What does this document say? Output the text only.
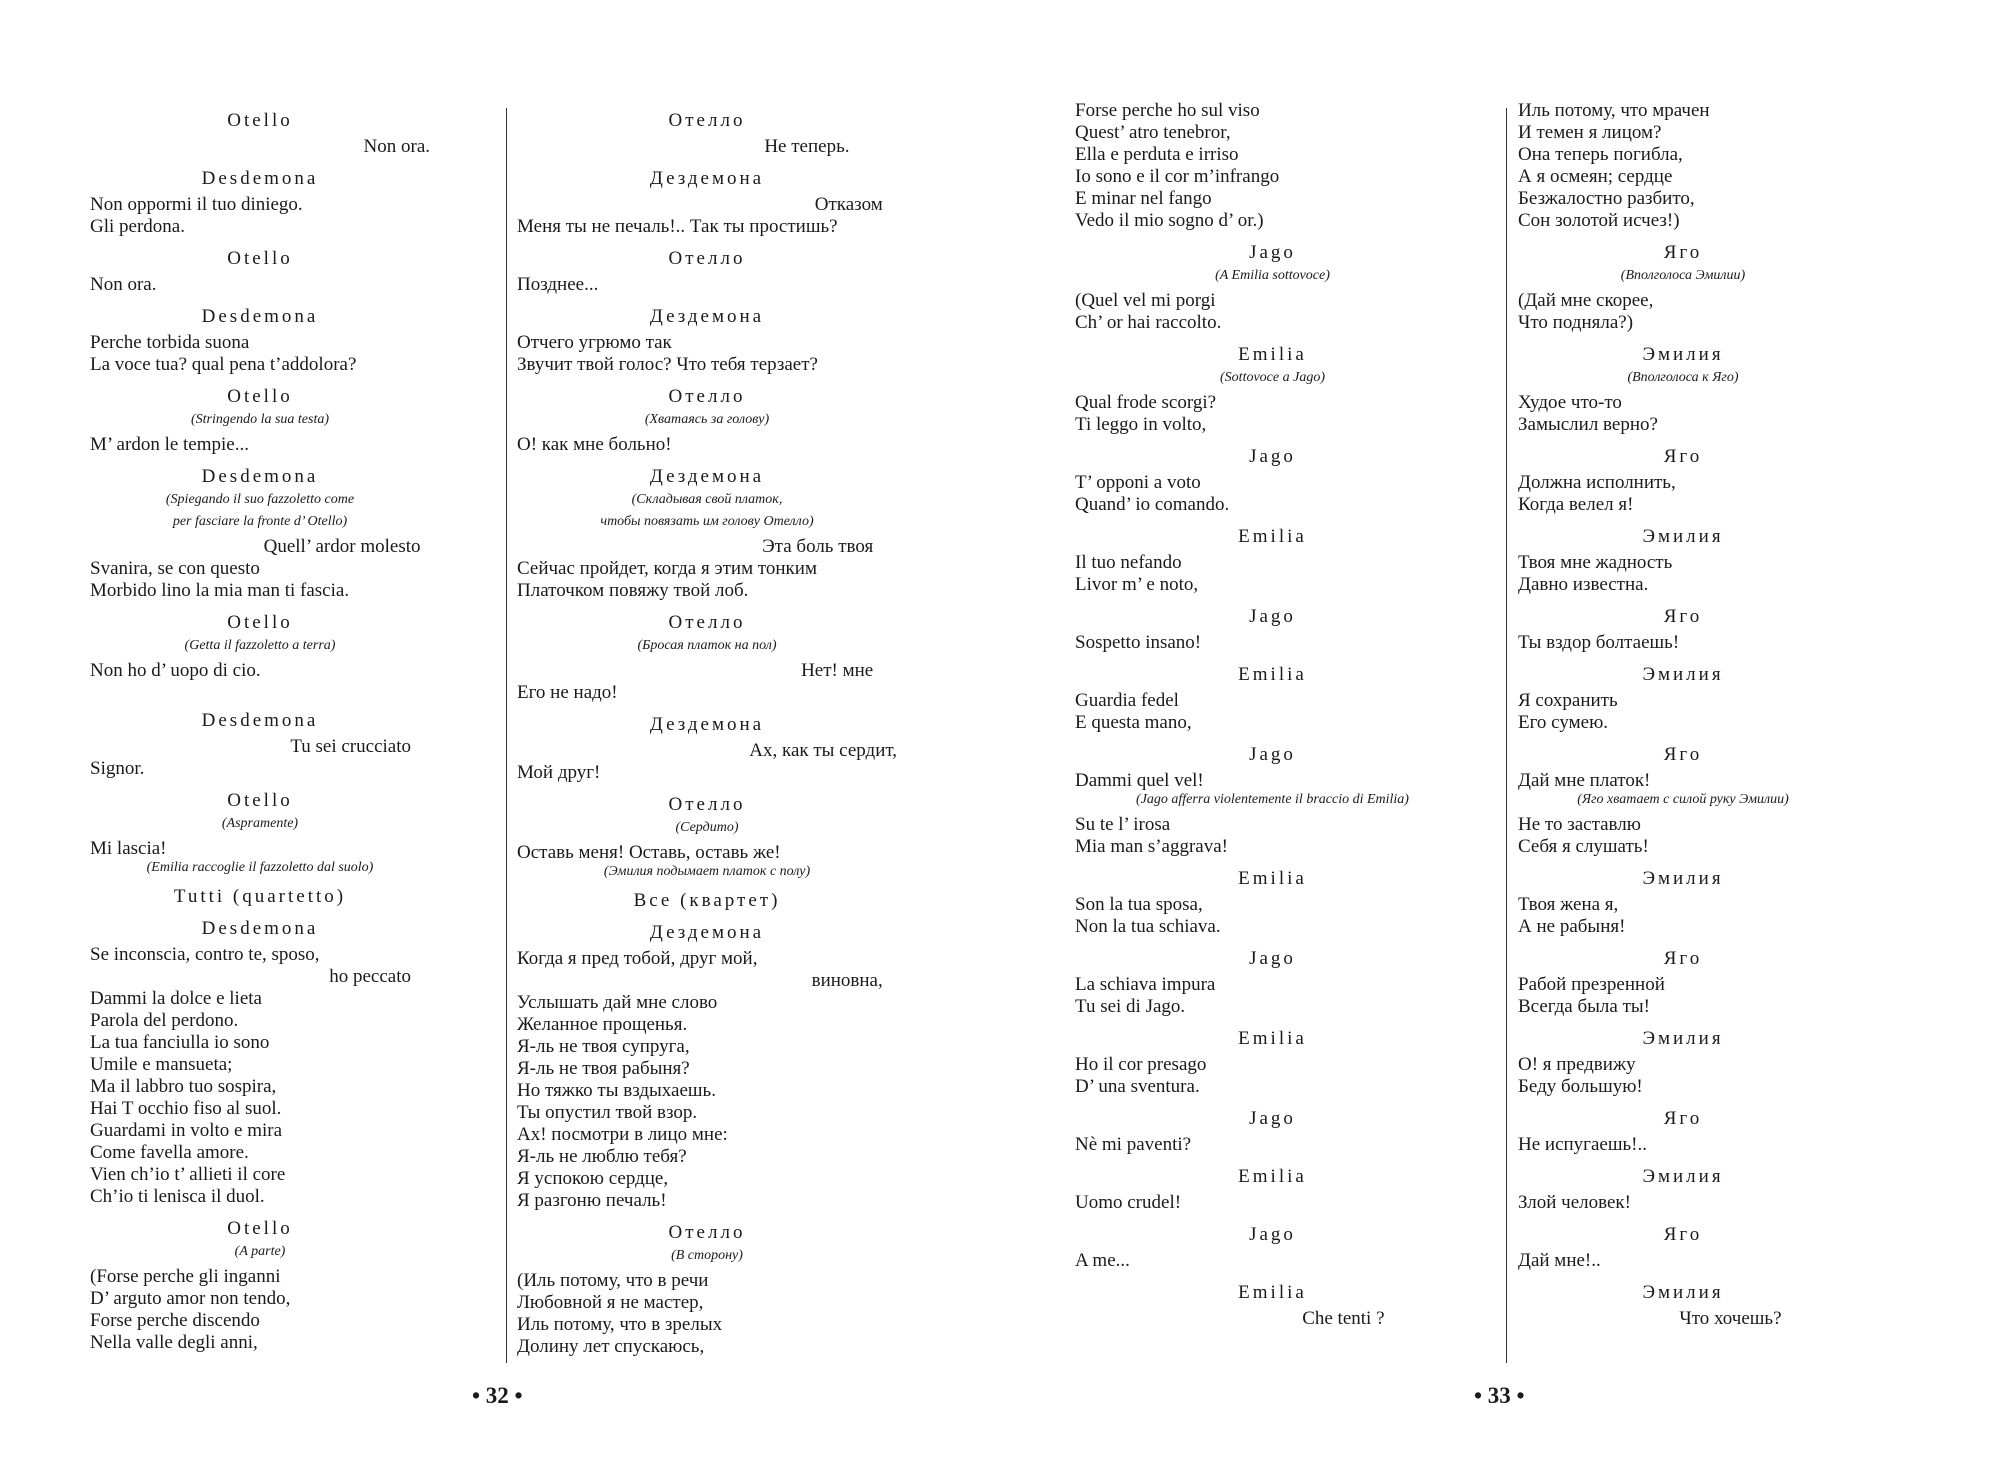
Otello
Non ora.
Desdemona
Non oppormi il tuo diniego.
Gli perdona.
Otello
Non ora.
Desdemona
Perche torbida suona
La voce tua? qual pena t’addolora?
Otello
(Stringendo la sua testa)
M’ ardon le tempie...
Desdemona
(Spiegando il suo fazzoletto come
per fasciare la fronte d’ Otello)
Quell’ ardor molesto
Svanira, se con questo
Morbido lino la mia man ti fascia.
Otello
(Getta il fazzoletto a terra)
Non ho d’ uopo di cio.
Desdemona
Tu sei crucciato
Signor.
Otello
(Aspramentе)
Mi lascia!
(Emilia raccoglie il fazzoletto dal suolo)
Tutti (quartetto)
Desdemona
Se inconscia, contro te, sposo,
ho peccato
Dammi la dolce e lieta
Parola del perdono.
La tua fanciulla io sono
Umile e mansueta;
Ma il labbro tuo sospira,
Hai T occhio fiso al suol.
Guardami in volto e mira
Come favella amore.
Vien ch’io t’ allieti il core
Ch’io ti lenisca il duol.
Otello
(A parte)
(Forse perche gli inganni
D’ arguto amor non tendo,
Forse perche discendo
Nella valle degli anni,
Отелло
Не теперь.
Дездемона
Отказом
Меня ты не печаль!.. Так ты простишь?
Отелло
Позднее...
Дездемона
Отчего угрюмо так
Звучит твой голос? Что тебя терзает?
Отелло
(Хватаясь за голову)
О! как мне больно!
Дездемона
(Складывая свой платок,
чтобы повязать им голову Отелло)
Эта боль твоя
Сейчас пройдет, когда я этим тонким
Платочком повяжу твой лоб.
Отелло
(Бросая платок на пол)
Нет! мне
Его не надо!
Дездемона
Ах, как ты сердит,
Мой друг!
Отелло
(Сердито)
Оставь меня! Оставь, оставь же!
(Эмилия подымает платок с полу)
Все (квартет)
Дездемона
Когда я пред тобой, друг мой,
виновна,
Услышать дай мне слово
Желанное прощенья.
Я-ль не твоя супруга,
Я-ль не твоя рабыня?
Но тяжко ты вздыхаешь.
Ты опустил твой взор.
Ах! посмотри в лицо мне:
Я-ль не люблю тебя?
Я успокою сердце,
Я разгоню печаль!
Отелло
(В сторону)
(Иль потому, что в речи
Любовной я не мастер,
Иль потому, что в зрелых
Долину лет спускаюсь,
Forse perche ho sul viso
Quest’ atro tenebror,
Ella e perduta e irriso
Io sono e il cor m’infrango
E minar nel fango
Vedo il mio sogno d’ or.)
Jago
(A Emilia sottovoce)
(Quel vel mi porgi
Ch’ or hai raccolto.
Emilia
(Sottovoce a Jago)
Qual frode scorgi?
Ti leggo in volto,
Jago
T’ opponi a voto
Quand’ io comando.
Emilia
Il tuo nefando
Livor m’ e noto,
Jago
Sospetto insano!
Emilia
Guardia fedel
E questa mano,
Jago
Dammi quel vel!
(Jago afferra violentemente il braccio di Emilia)
Su te l’ irosa
Mia man s’aggrava!
Emilia
Son la tua sposa,
Non la tua schiava.
Jago
La schiava impura
Tu sei di Jago.
Emilia
Ho il cor presago
D’ una sventura.
Jago
Nè mi paventi?
Emilia
Uomo crudel!
Jago
A me...
Emilia
Che tenti ?
Иль потому, что мрачен
И темен я лицом?
Она теперь погибла,
А я осмеян; сердце
Безжалостно разбито,
Сон золотой исчез!)
Яго
(Вполголоса Эмилии)
(Дай мне скорее,
Что подняла?)
Эмилия
(Вполголоса к Яго)
Худое что-то
Замыслил верно?
Яго
Должна исполнить,
Когда велел я!
Эмилия
Твоя мне жадность
Давно известна.
Яго
Ты вздор болтаешь!
Эмилия
Я сохранить
Его сумею.
Яго
Дай мне платок!
(Яго хватает с силой руку Эмилии)
Не то заставлю
Себя я слушать!
Эмилия
Твоя жена я,
А не рабыня!
Яго
Рабой презренной
Всегда была ты!
Эмилия
О! я предвижу
Беду большую!
Яго
Не испугаешь!..
Эмилия
Злой человек!
Яго
Дай мне!..
Эмилия
Что хочешь?
• 32 •	• 33 •
